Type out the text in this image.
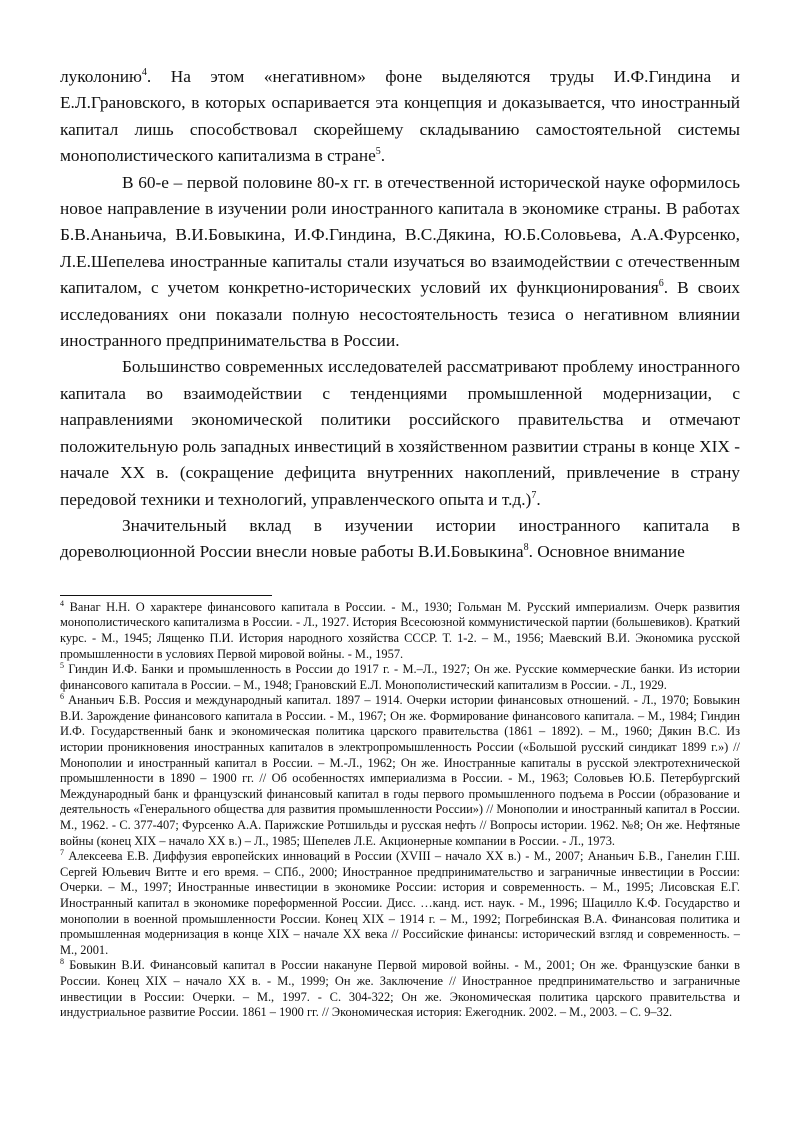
луколонию$^4$. На этом «негативном» фоне выделяются труды И.Ф.Гиндина и Е.Л.Грановского, в которых оспаривается эта концепция и доказывается, что иностранный капитал лишь способствовал скорейшему складыванию самостоятельной системы монополистического капитализма в стране$^5$.

В 60-е – первой половине 80-х гг. в отечественной исторической науке оформилось новое направление в изучении роли иностранного капитала в экономике страны. В работах Б.В.Ананьича, В.И.Бовыкина, И.Ф.Гиндина, В.С.Дякина, Ю.Б.Соловьева, А.А.Фурсенко, Л.Е.Шепелева иностранные капиталы стали изучаться во взаимодействии с отечественным капиталом, с учетом конкретно-исторических условий их функционирования$^6$. В своих исследованиях они показали полную несостоятельность тезиса о негативном влиянии иностранного предпринимательства в России.

Большинство современных исследователей рассматривают проблему иностранного капитала во взаимодействии с тенденциями промышленной модернизации, с направлениями экономической политики российского правительства и отмечают положительную роль западных инвестиций в хозяйственном развитии страны в конце XIX - начале XX в. (сокращение дефицита внутренних накоплений, привлечение в страну передовой техники и технологий, управленческого опыта и т.д.)$^7$.

Значительный вклад в изучении истории иностранного капитала в дореволюционной России внесли новые работы В.И.Бовыкина$^8$. Основное внимание

$^4$ Ванаг Н.Н. О характере финансового капитала в России. - М., 1930; Гольман М. Русский империализм. Очерк развития монополистического капитализма в России. - Л., 1927. История Всесоюзной коммунистической партии (большевиков). Краткий курс. - М., 1945; Лященко П.И. История народного хозяйства СССР. Т. 1-2. – М., 1956; Маевский В.И. Экономика русской промышленности в условиях Первой мировой войны. - М., 1957.

$^5$ Гиндин И.Ф. Банки и промышленность в России до 1917 г. - М.–Л., 1927; Он же. Русские коммерческие банки. Из истории финансового капитала в России. – М., 1948; Грановский Е.Л. Монополистический капитализм в России. - Л., 1929.

$^6$ Ананьич Б.В. Россия и международный капитал. 1897 – 1914. Очерки истории финансовых отношений. - Л., 1970; Бовыкин В.И. Зарождение финансового капитала в России. - М., 1967; Он же. Формирование финансового капитала. – М., 1984; Гиндин И.Ф. Государственный банк и экономическая политика царского правительства (1861 – 1892). – М., 1960; Дякин В.С. Из истории проникновения иностранных капиталов в электропромышленность России («Большой русский синдикат 1899 г.») // Монополии и иностранный капитал в России. – М.-Л., 1962; Он же. Иностранные капиталы в русской электротехнической промышленности в 1890 – 1900 гг. // Об особенностях империализма в России. - М., 1963; Соловьев Ю.Б. Петербургский Международный банк и французский финансовый капитал в годы первого промышленного подъема в России (образование и деятельность «Генерального общества для развития промышленности России») // Монополии и иностранный капитал в России. М., 1962. - С. 377-407; Фурсенко А.А. Парижские Ротшильды и русская нефть // Вопросы истории. 1962. №8; Он же. Нефтяные войны (конец XIX – начало XX в.) – Л., 1985; Шепелев Л.Е. Акционерные компании в России. - Л., 1973.

$^7$ Алексеева Е.В. Диффузия европейских инноваций в России (XVIII – начало XX в.) - М., 2007; Ананьич Б.В., Ганелин Г.Ш. Сергей Юльевич Витте и его время. – СПб., 2000; Иностранное предпринимательство и заграничные инвестиции в России: Очерки. – М., 1997; Иностранные инвестиции в экономике России: история и современность. – М., 1995; Лисовская Е.Г. Иностранный капитал в экономике пореформенной России. Дисс. …канд. ист. наук. - М., 1996; Шацилло К.Ф. Государство и монополии в военной промышленности России. Конец XIX – 1914 г. – М., 1992; Погребинская В.А. Финансовая политика и промышленная модернизация в конце XIX – начале XX века // Российские финансы: исторический взгляд и современность. – М., 2001.

$^8$ Бовыкин В.И. Финансовый капитал в России накануне Первой мировой войны. - М., 2001; Он же. Французские банки в России. Конец XIX – начало XX в. - М., 1999; Он же. Заключение // Иностранное предпринимательство и заграничные инвестиции в России: Очерки. – М., 1997. - С. 304-322; Он же. Экономическая политика царского правительства и индустриальное развитие России. 1861 – 1900 гг. // Экономическая история: Ежегодник. 2002. – М., 2003. – С. 9–32.
